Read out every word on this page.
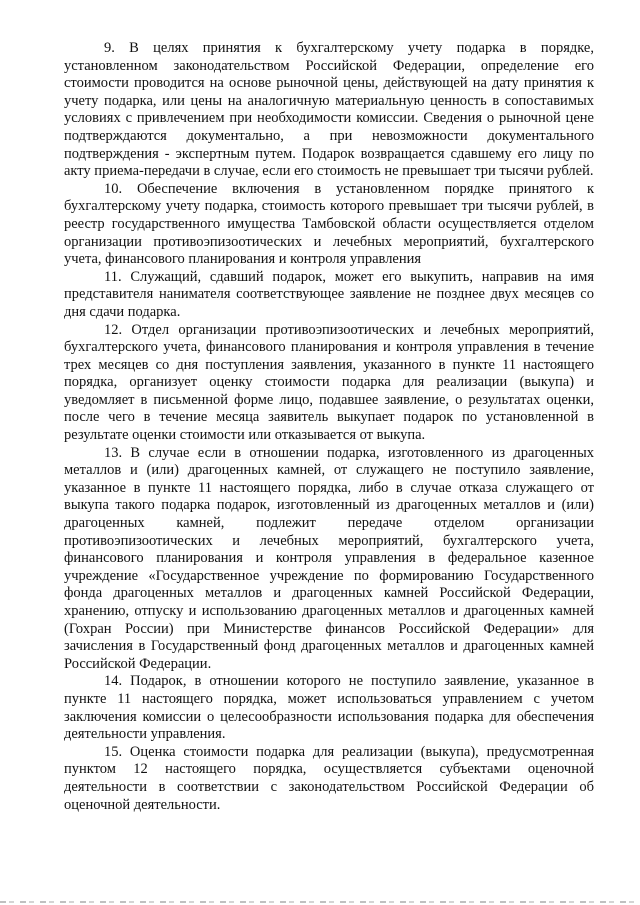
9. В целях принятия к бухгалтерскому учету подарка в порядке, установленном законодательством Российской Федерации, определение его стоимости проводится на основе рыночной цены, действующей на дату принятия к учету подарка, или цены на аналогичную материальную ценность в сопоставимых условиях с привлечением при необходимости комиссии. Сведения о рыночной цене подтверждаются документально, а при невозможности документального подтверждения - экспертным путем. Подарок возвращается сдавшему его лицу по акту приема-передачи в случае, если его стоимость не превышает три тысячи рублей.

10. Обеспечение включения в установленном порядке принятого к бухгалтерскому учету подарка, стоимость которого превышает три тысячи рублей, в реестр государственного имущества Тамбовской области осуществляется отделом организации противоэпизоотических и лечебных мероприятий, бухгалтерского учета, финансового планирования и контроля управления

11. Служащий, сдавший подарок, может его выкупить, направив на имя представителя нанимателя соответствующее заявление не позднее двух месяцев со дня сдачи подарка.

12. Отдел организации противоэпизоотических и лечебных мероприятий, бухгалтерского учета, финансового планирования и контроля управления в течение трех месяцев со дня поступления заявления, указанного в пункте 11 настоящего порядка, организует оценку стоимости подарка для реализации (выкупа) и уведомляет в письменной форме лицо, подавшее заявление, о результатах оценки, после чего в течение месяца заявитель выкупает подарок по установленной в результате оценки стоимости или отказывается от выкупа.

13. В случае если в отношении подарка, изготовленного из драгоценных металлов и (или) драгоценных камней, от служащего не поступило заявление, указанное в пункте 11 настоящего порядка, либо в случае отказа служащего от выкупа такого подарка подарок, изготовленный из драгоценных металлов и (или) драгоценных камней, подлежит передаче отделом организации противоэпизоотических и лечебных мероприятий, бухгалтерского учета, финансового планирования и контроля управления в федеральное казенное учреждение «Государственное учреждение по формированию Государственного фонда драгоценных металлов и драгоценных камней Российской Федерации, хранению, отпуску и использованию драгоценных металлов и драгоценных камней (Гохран России) при Министерстве финансов Российской Федерации» для зачисления в Государственный фонд драгоценных металлов и драгоценных камней Российской Федерации.

14. Подарок, в отношении которого не поступило заявление, указанное в пункте 11 настоящего порядка, может использоваться управлением с учетом заключения комиссии о целесообразности использования подарка для обеспечения деятельности управления.

15. Оценка стоимости подарка для реализации (выкупа), предусмотренная пунктом 12 настоящего порядка, осуществляется субъектами оценочной деятельности в соответствии с законодательством Российской Федерации об оценочной деятельности.
